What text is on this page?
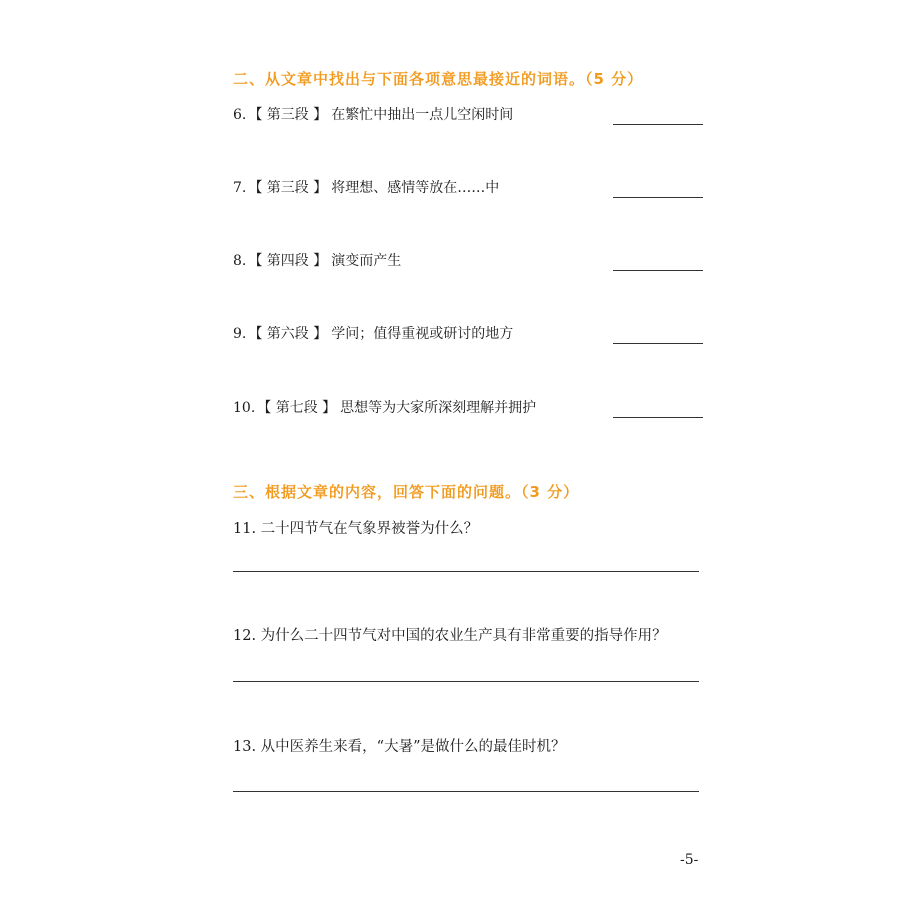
二、从文章中找出与下面各项意思最接近的词语。（5 分）
6. 【 第三段 】 在繁忙中抽出一点儿空闲时间
7. 【 第三段 】 将理想、感情等放在……中
8. 【 第四段 】 演变而产生
9. 【 第六段 】 学问；值得重视或研讨的地方
10. 【 第七段 】 思想等为大家所深刻理解并拥护
三、根据文章的内容，回答下面的问题。（3 分）
11. 二十四节气在气象界被誉为什么？
12. 为什么二十四节气对中国的农业生产具有非常重要的指导作用？
13. 从中医养生来看，“大暑”是做什么的最佳时机？
-5-
